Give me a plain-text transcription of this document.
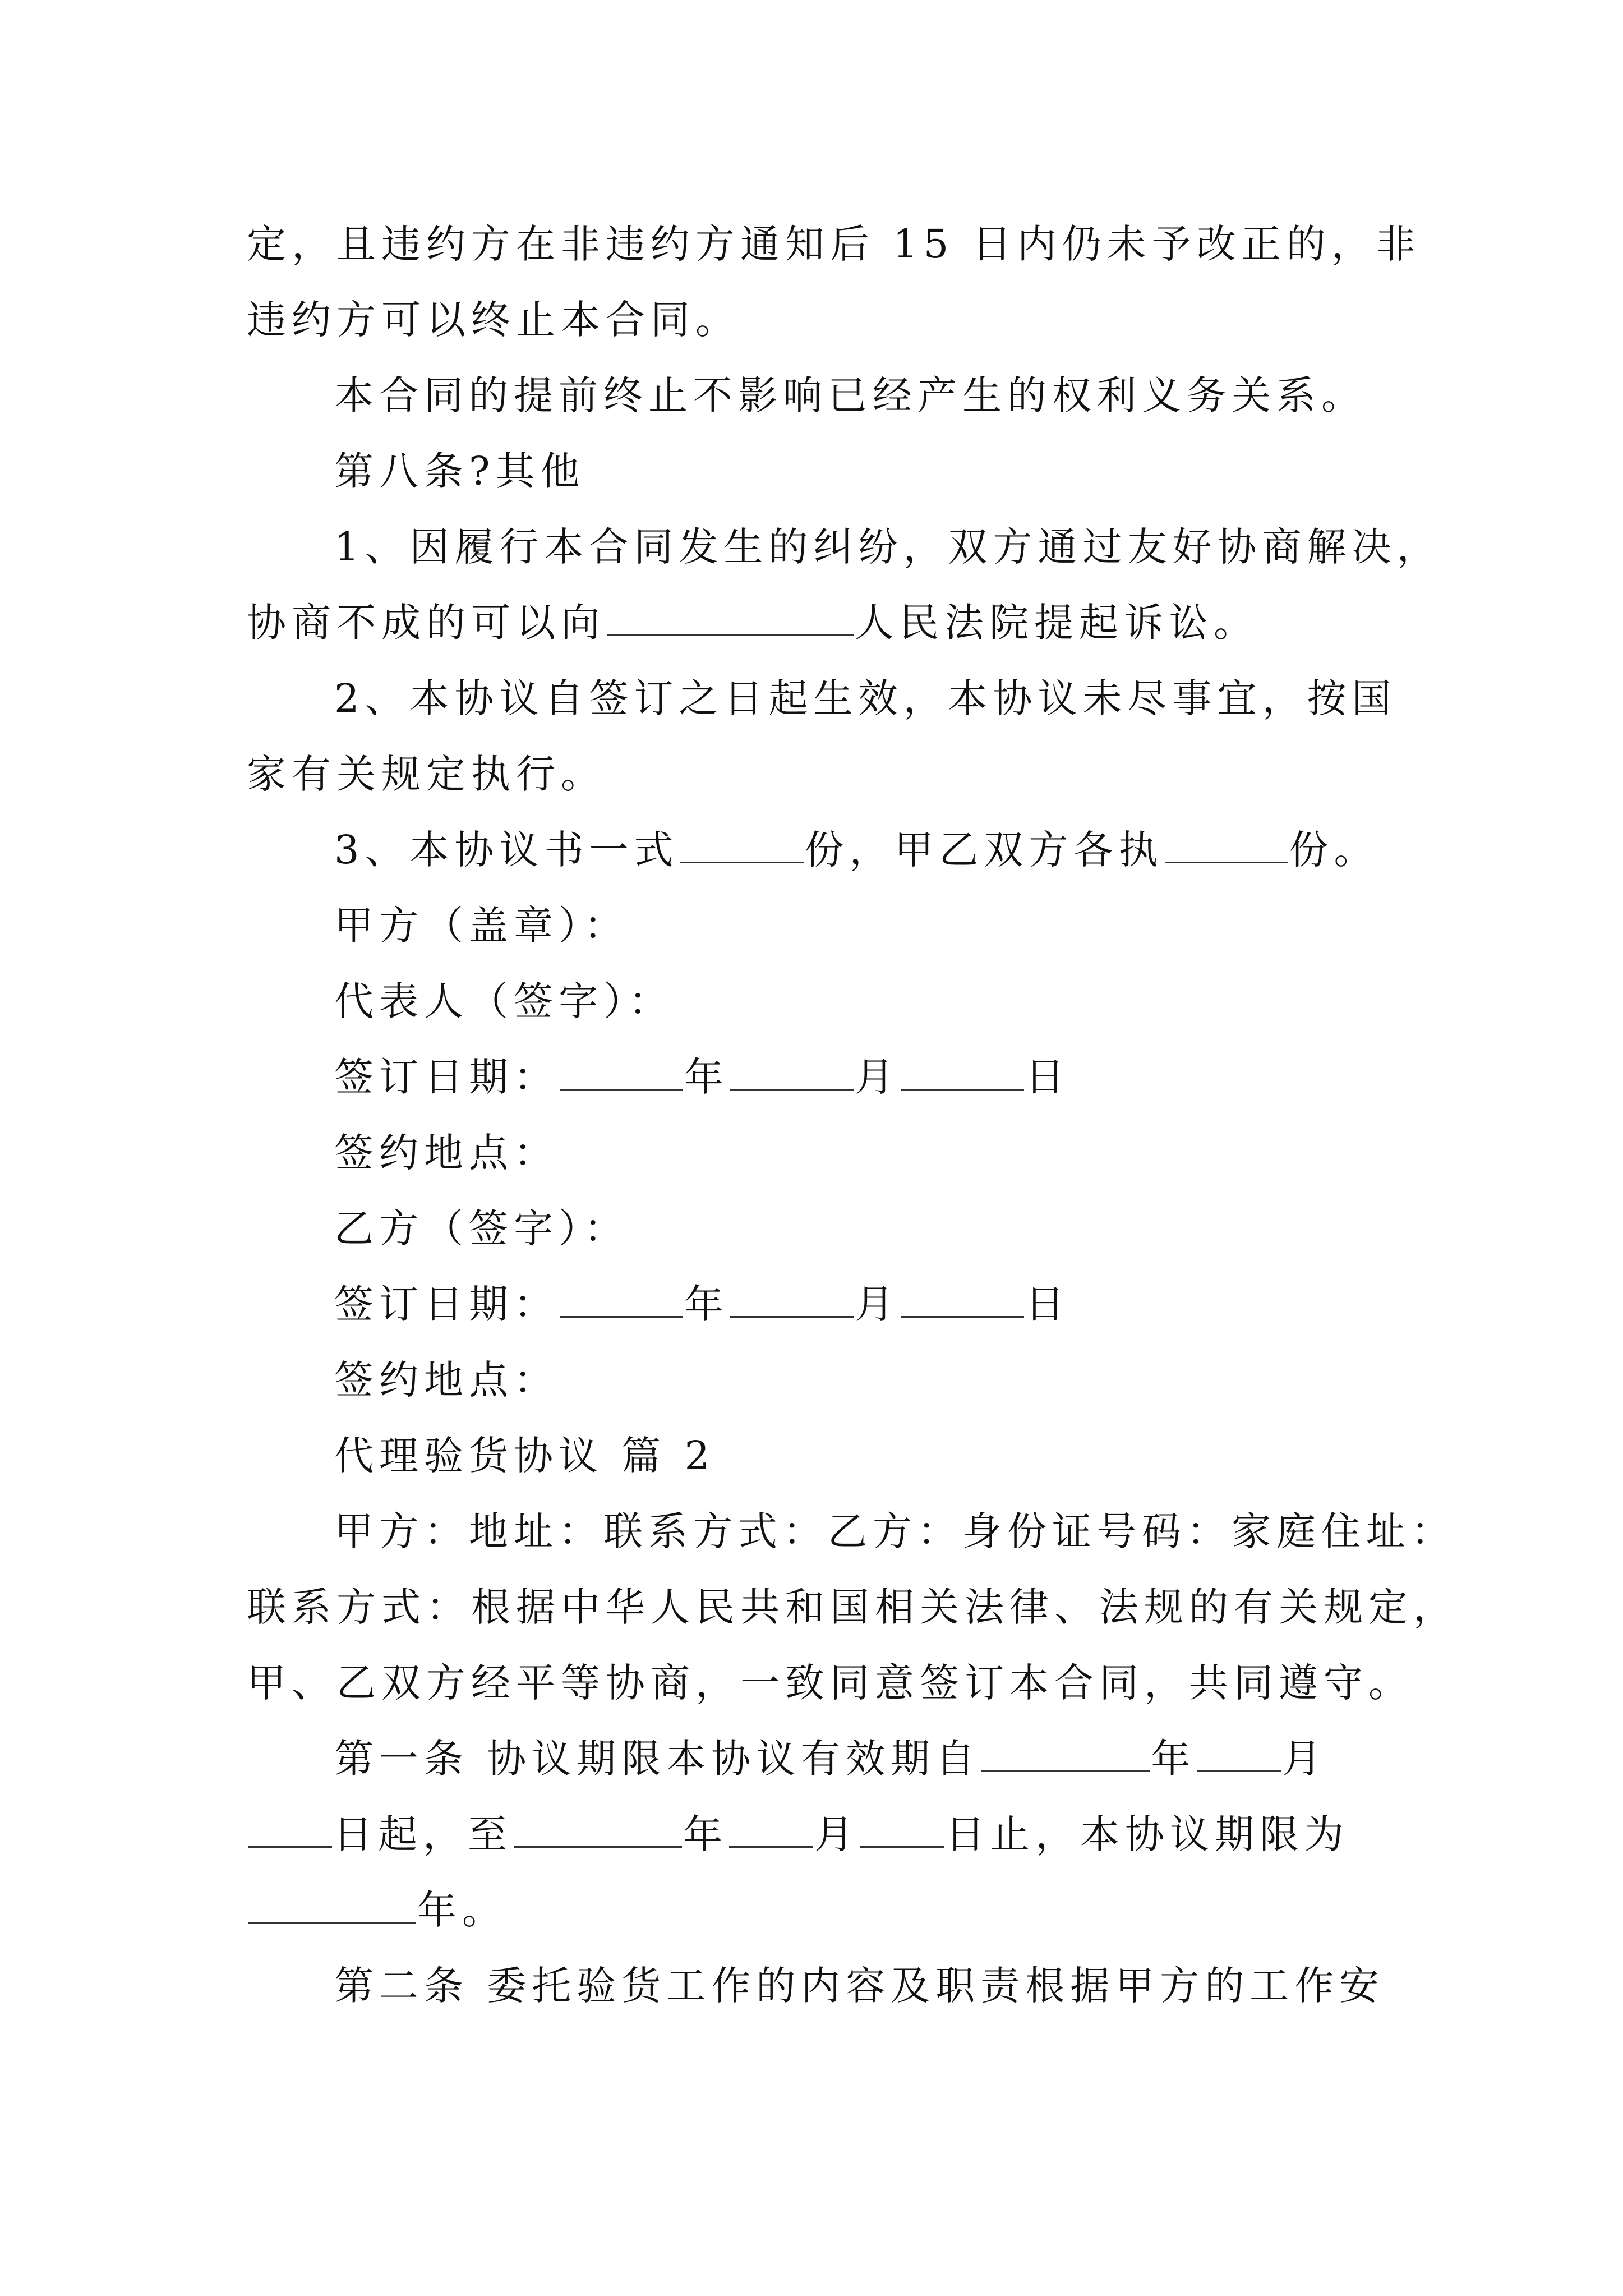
定，且违约方在非违约方通知后 15 日内仍未予改正的，非
违约方可以终止本合同。
本合同的提前终止不影响已经产生的权利义务关系。
第八条?其他
1、因履行本合同发生的纠纷，双方通过友好协商解决，
协商不成的可以向	人民法院提起诉讼。
2、本协议自签订之日起生效，本协议未尽事宜，按国
家有关规定执行。
3、本协议书一式	份，甲乙双方各执	份。
甲方（盖章）：
代表人（签字）：
签订日期：	年	月	日
签约地点：
乙方（签字）：
签订日期：	年	月	日
签约地点：
代理验货协议 篇 2
甲方：地址：联系方式：乙方：身份证号码：家庭住址：
联系方式：根据中华人民共和国相关法律、法规的有关规定，
甲、乙双方经平等协商，一致同意签订本合同，共同遵守。
第一条 协议期限本协议有效期自	年 月
日起，至	年 月 日止，本协议期限为
年。
第二条 委托验货工作的内容及职责根据甲方的工作安
